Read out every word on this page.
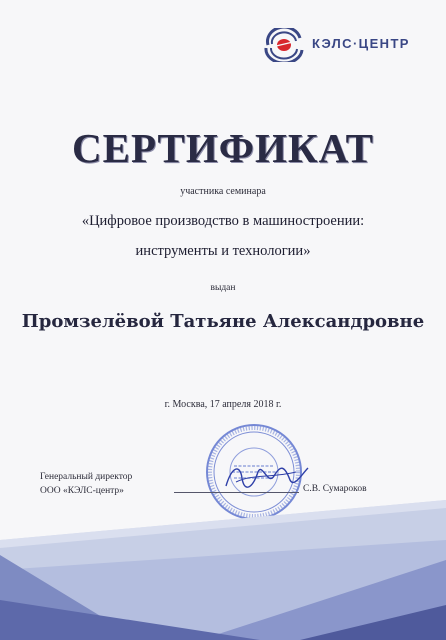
КЭЛС·ЦЕНТР
СЕРТИФИКАТ
участника семинара
«Цифровое производство в машиностроении:
инструменты и технологии»
выдан
Промзелёвой Татьяне Александровне
г. Москва, 17 апреля 2018 г.
Генеральный директор
ООО «КЭЛС-центр»	С.В. Сумароков
